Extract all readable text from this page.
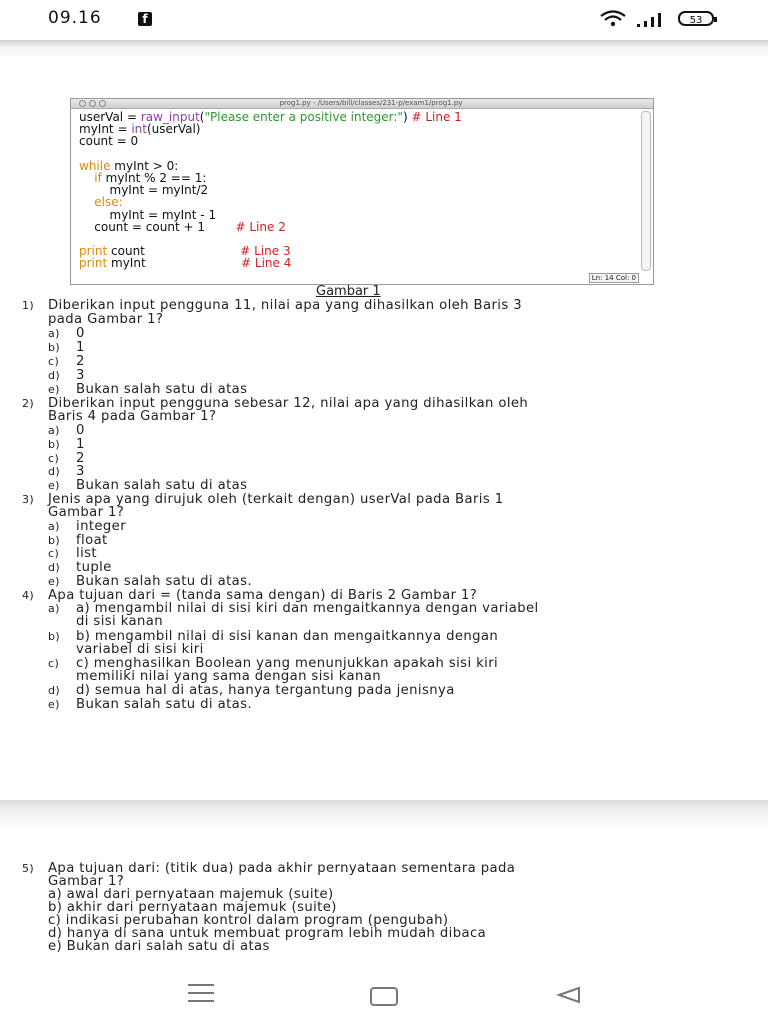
09.16	f	53
prog1.py - /Users/bill/classes/231-p/exam1/prog1.py
userVal = raw_input("Please enter a positive integer:") # Line 1
myInt = int(userVal)
count = 0

while myInt > 0:
if myInt % 2 == 1:
myInt = myInt/2
else:
myInt = myInt - 1
count = count + 1	# Line 2

print count	# Line 3
print myInt	# Line 4
Ln: 14 Col: 0
Gambar 1
1) Diberikan input pengguna 11, nilai apa yang dihasilkan oleh Baris 3
pada Gambar 1?
a) 0
b) 1
c) 2
d) 3
e) Bukan salah satu di atas
2) Diberikan input pengguna sebesar 12, nilai apa yang dihasilkan oleh
Baris 4 pada Gambar 1?
a) 0
b) 1
c) 2
d) 3
e) Bukan salah satu di atas
3) Jenis apa yang dirujuk oleh (terkait dengan) userVal pada Baris 1
Gambar 1?
a) integer
b) float
c) list
d) tuple
e) Bukan salah satu di atas.
4) Apa tujuan dari = (tanda sama dengan) di Baris 2 Gambar 1?
a) a) mengambil nilai di sisi kiri dan mengaitkannya dengan variabel
di sisi kanan
b) b) mengambil nilai di sisi kanan dan mengaitkannya dengan
variabel di sisi kiri
c) c) menghasilkan Boolean yang menunjukkan apakah sisi kiri
memiliki nilai yang sama dengan sisi kanan
d) d) semua hal di atas, hanya tergantung pada jenisnya
e) Bukan salah satu di atas.
5) Apa tujuan dari: (titik dua) pada akhir pernyataan sementara pada
Gambar 1?
a) awal dari pernyataan majemuk (suite)
b) akhir dari pernyataan majemuk (suite)
c) indikasi perubahan kontrol dalam program (pengubah)
d) hanya di sana untuk membuat program lebih mudah dibaca
e) Bukan dari salah satu di atas
